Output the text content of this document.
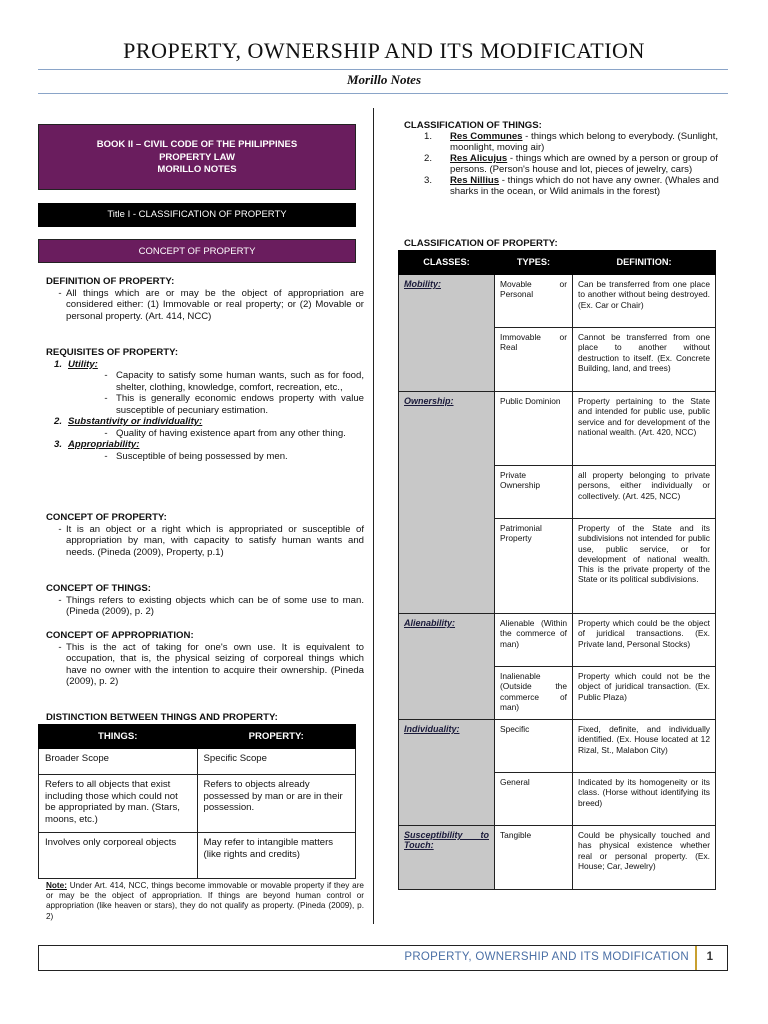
PROPERTY, OWNERSHIP AND ITS MODIFICATION
Morillo Notes
BOOK II – CIVIL CODE OF THE PHILIPPINES
PROPERTY LAW
MORILLO NOTES
Title I - CLASSIFICATION OF PROPERTY
CONCEPT OF PROPERTY
DEFINITION OF PROPERTY:
- All things which are or may be the object of appropriation are considered either: (1) Immovable or real property; or (2) Movable or personal property. (Art. 414, NCC)
REQUISITES OF PROPERTY:
1. Utility:
- Capacity to satisfy some human wants, such as for food, shelter, clothing, knowledge, comfort, recreation, etc.,
- This is generally economic endows property with value susceptible of pecuniary estimation.
2. Substantivity or individuality:
- Quality of having existence apart from any other thing.
3. Appropriability:
- Susceptible of being possessed by men.
CONCEPT OF PROPERTY:
- It is an object or a right which is appropriated or susceptible of appropriation by man, with capacity to satisfy human wants and needs. (Pineda (2009), Property, p.1)
CONCEPT OF THINGS:
- Things refers to existing objects which can be of some use to man. (Pineda (2009), p. 2)
CONCEPT OF APPROPRIATION:
- This is the act of taking for one's own use. It is equivalent to occupation, that is, the physical seizing of corporeal things which have no owner with the intention to acquire their ownership. (Pineda (2009), p. 2)
DISTINCTION BETWEEN THINGS AND PROPERTY:
THINGS:	PROPERTY:
Broader Scope	Specific Scope
Refers to all objects that exist including those which could not be appropriated by man. (Stars, moons, etc.)	Refers to objects already possessed by man or are in their possession.
Involves only corporeal objects	May refer to intangible matters (like rights and credits)
Note: Under Art. 414, NCC, things become immovable or movable property if they are or may be the object of appropriation. If things are beyond human control or appropriation (like heaven or stars), they do not qualify as property. (Pineda (2009), p. 2)
CLASSIFICATION OF THINGS:
1.	Res Communes - things which belong to everybody. (Sunlight, moonlight, moving air)
2.	Res Alicujus - things which are owned by a person or group of persons. (Person's house and lot, pieces of jewelry, cars)
3.	Res Nillius - things which do not have any owner. (Whales and sharks in the ocean, or Wild animals in the forest)
CLASSIFICATION OF PROPERTY:
CLASSES:	TYPES:	DEFINITION:
Mobility:	Movable or Personal	Can be transferred from one place to another without being destroyed. (Ex. Car or Chair)
	Immovable or Real	Cannot be transferred from one place to another without destruction to itself. (Ex. Concrete Building, land, and trees)
Ownership:	Public Dominion	Property pertaining to the State and intended for public use, public service and for development of the national wealth. (Art. 420, NCC)
	Private Ownership	all property belonging to private persons, either individually or collectively. (Art. 425, NCC)
	Patrimonial Property	Property of the State and its subdivisions not intended for public use, public service, or for development of national wealth. This is the private property of the State or its political subdivisions.
Alienability:	Alienable (Within the commerce of man)	Property which could be the object of juridical transactions. (Ex. Private land, Personal Stocks)
	Inalienable (Outside the commerce of man)	Property which could not be the object of juridical transaction. (Ex. Public Plaza)
Individuality:	Specific	Fixed, definite, and individually identified. (Ex. House located at 12 Rizal, St., Malabon City)
	General	Indicated by its homogeneity or its class. (Horse without identifying its breed)
Susceptibility to Touch:	Tangible	Could be physically touched and has physical existence whether real or personal property. (Ex. House; Car, Jewelry)
PROPERTY, OWNERSHIP AND ITS MODIFICATION 1
